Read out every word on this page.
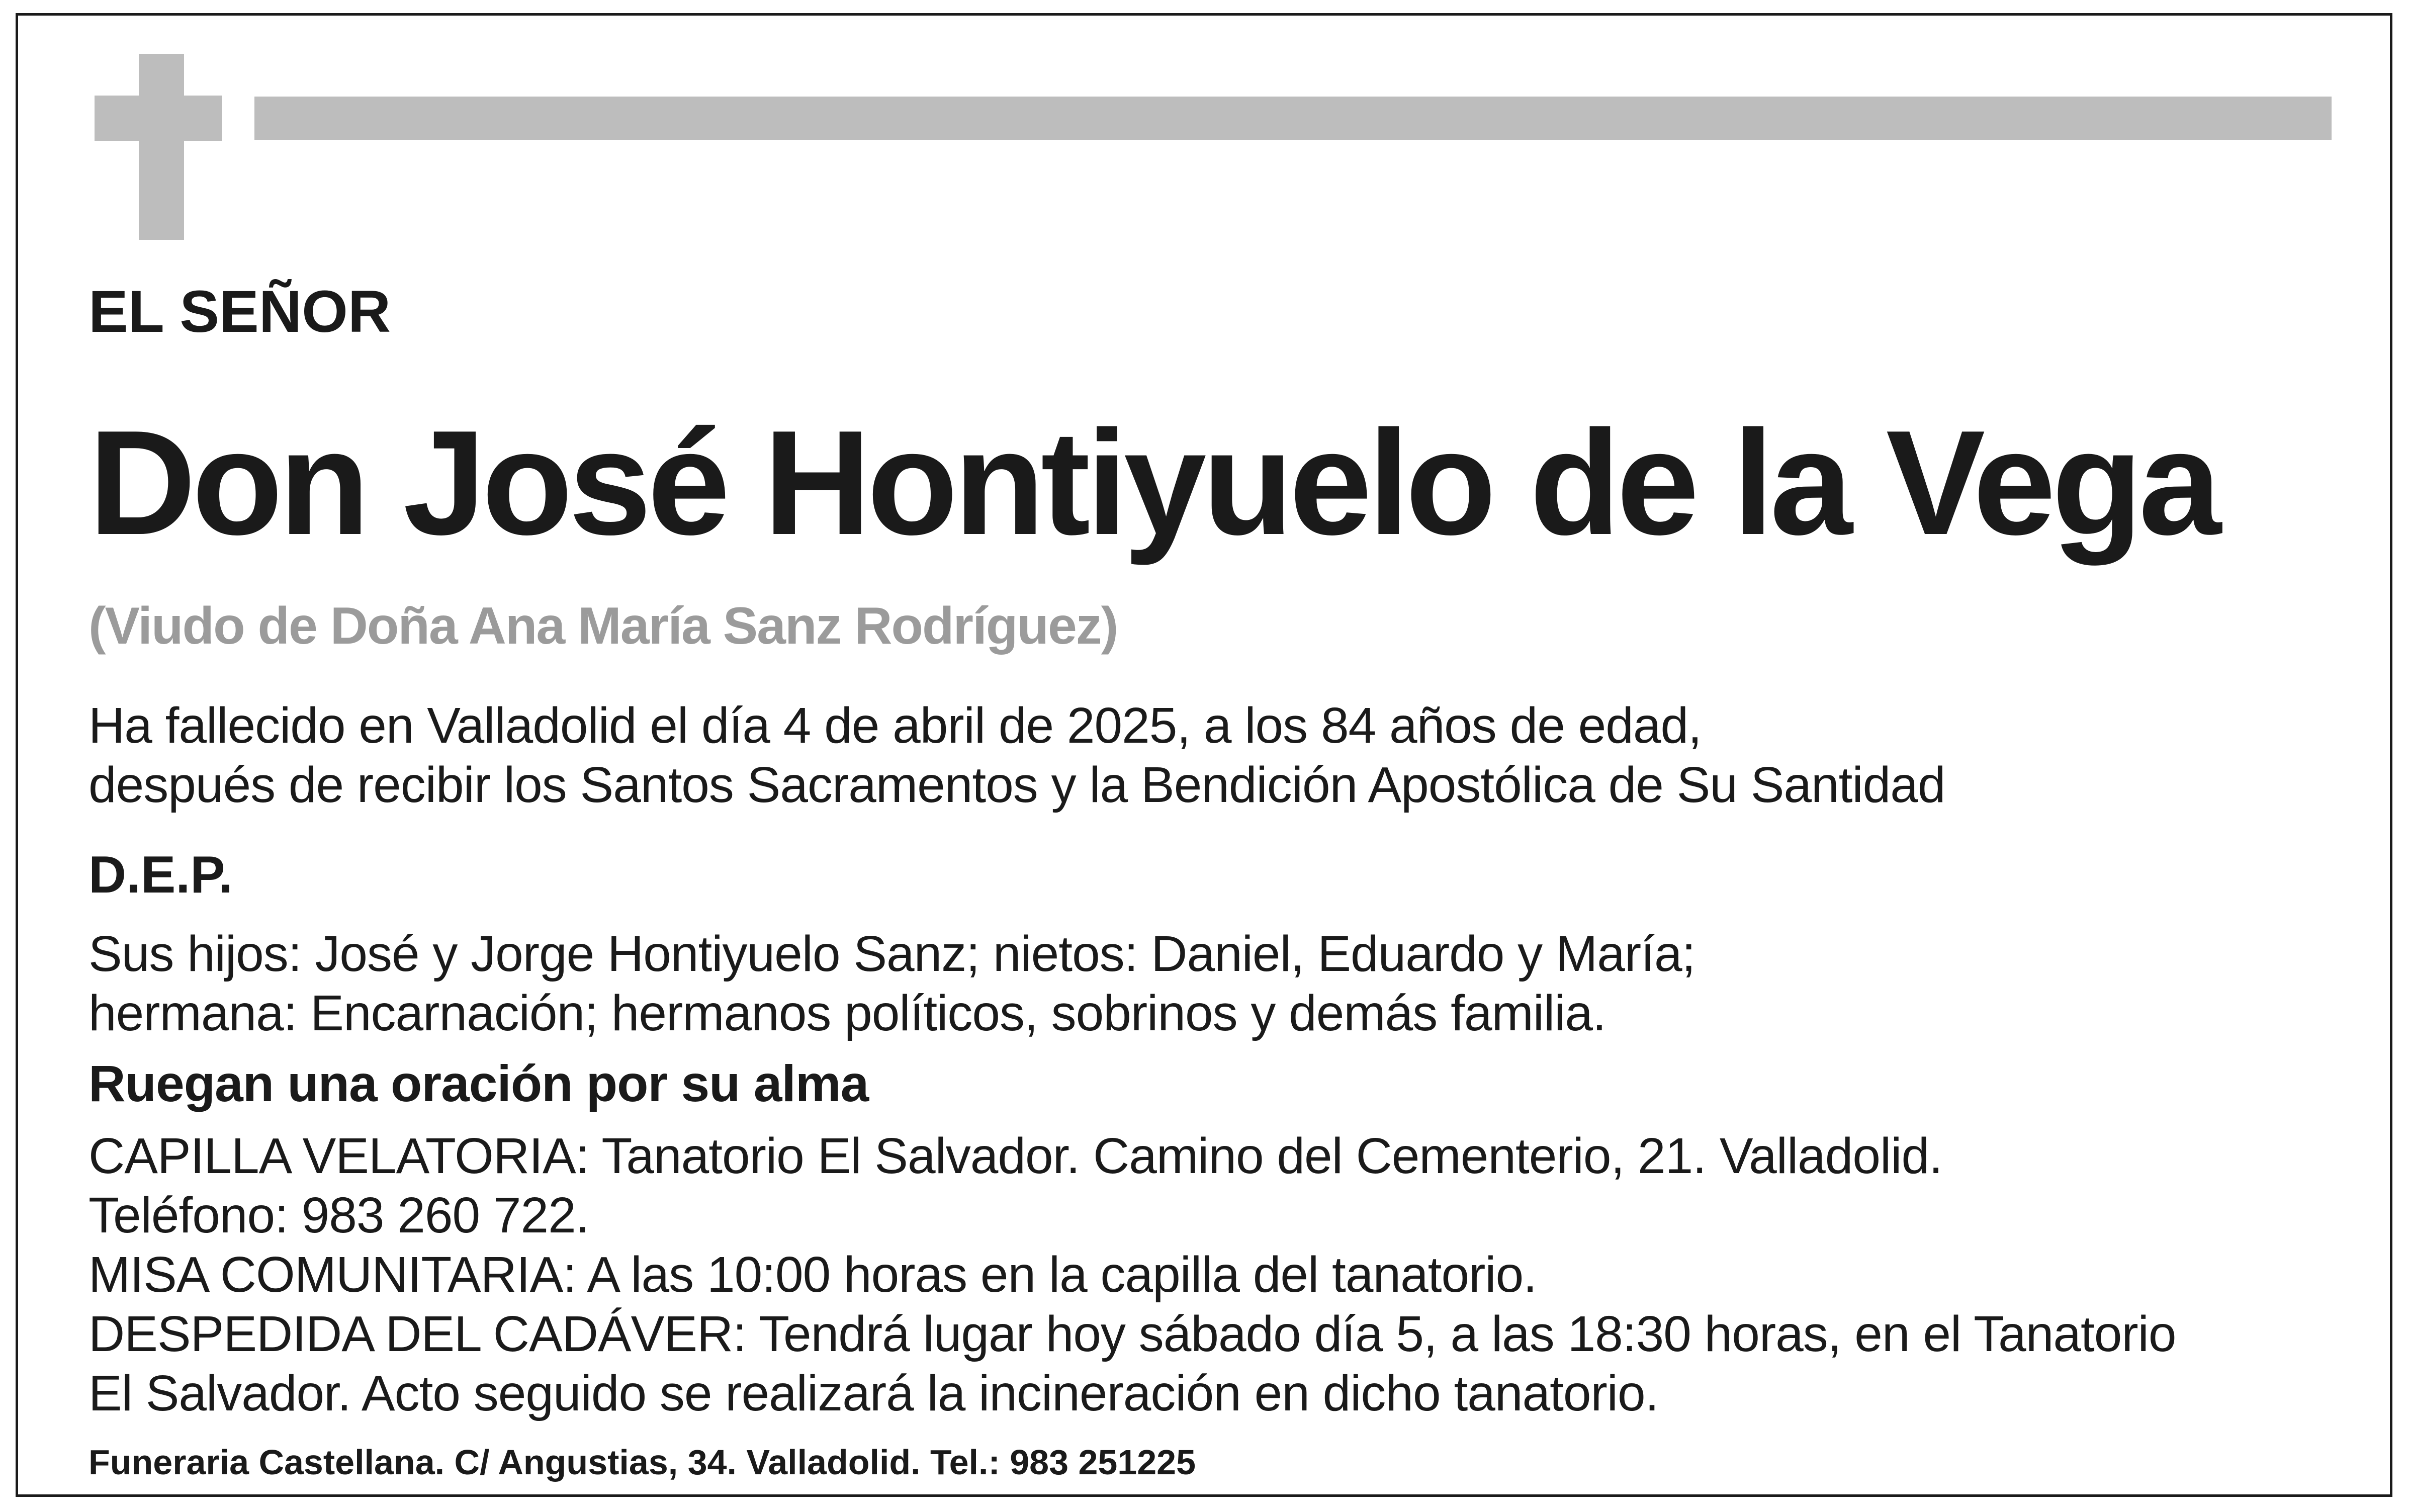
EL SEÑOR

Don José Hontiyuelo de la Vega

(Viudo de Doña Ana María Sanz Rodríguez)

Ha fallecido en Valladolid el día 4 de abril de 2025, a los 84 años de edad,
después de recibir los Santos Sacramentos y la Bendición Apostólica de Su Santidad

D.E.P.

Sus hijos: José y Jorge Hontiyuelo Sanz; nietos: Daniel, Eduardo y María;
hermana: Encarnación; hermanos políticos, sobrinos y demás familia.

Ruegan una oración por su alma

CAPILLA VELATORIA: Tanatorio El Salvador. Camino del Cementerio, 21. Valladolid.
Teléfono: 983 260 722.
MISA COMUNITARIA: A las 10:00 horas en la capilla del tanatorio.
DESPEDIDA DEL CADÁVER: Tendrá lugar hoy sábado día 5, a las 18:30 horas, en el Tanatorio
El Salvador. Acto seguido se realizará la incineración en dicho tanatorio.

Funeraria Castellana. C/ Angustias, 34. Valladolid. Tel.: 983 251225
